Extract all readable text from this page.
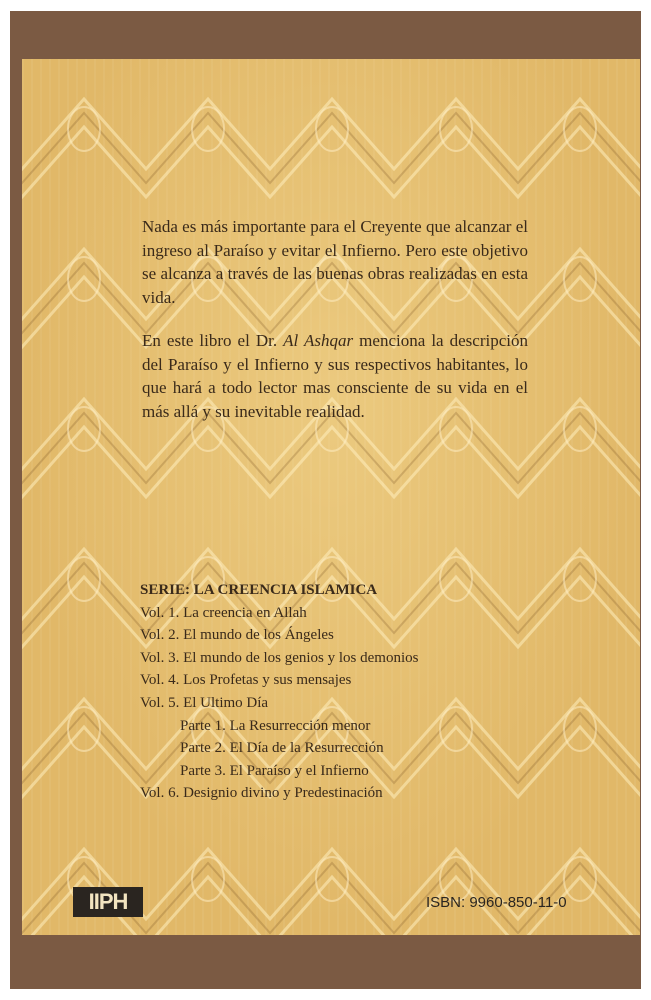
Nada es más importante para el Creyente que alcanzar el ingreso al Paraíso y evitar el Infierno. Pero este objetivo se alcanza a través de las buenas obras realizadas en esta vida.

En este libro el Dr. Al Ashqar menciona la descripción del Paraíso y el Infierno y sus respectivos habitantes, lo que hará a todo lector mas consciente de su vida en el más allá y su inevitable realidad.

SERIE: LA CREENCIA ISLAMICA
Vol. 1. La creencia en Allah
Vol. 2. El mundo de los Ángeles
Vol. 3. El mundo de los genios y los demonios
Vol. 4. Los Profetas y sus mensajes
Vol. 5. El Ultimo Día
Parte 1. La Resurrección menor
Parte 2. El Día de la Resurrección
Parte 3. El Paraíso y el Infierno
Vol. 6. Designio divino y Predestinación
IIPH	ISBN: 9960-850-11-0
